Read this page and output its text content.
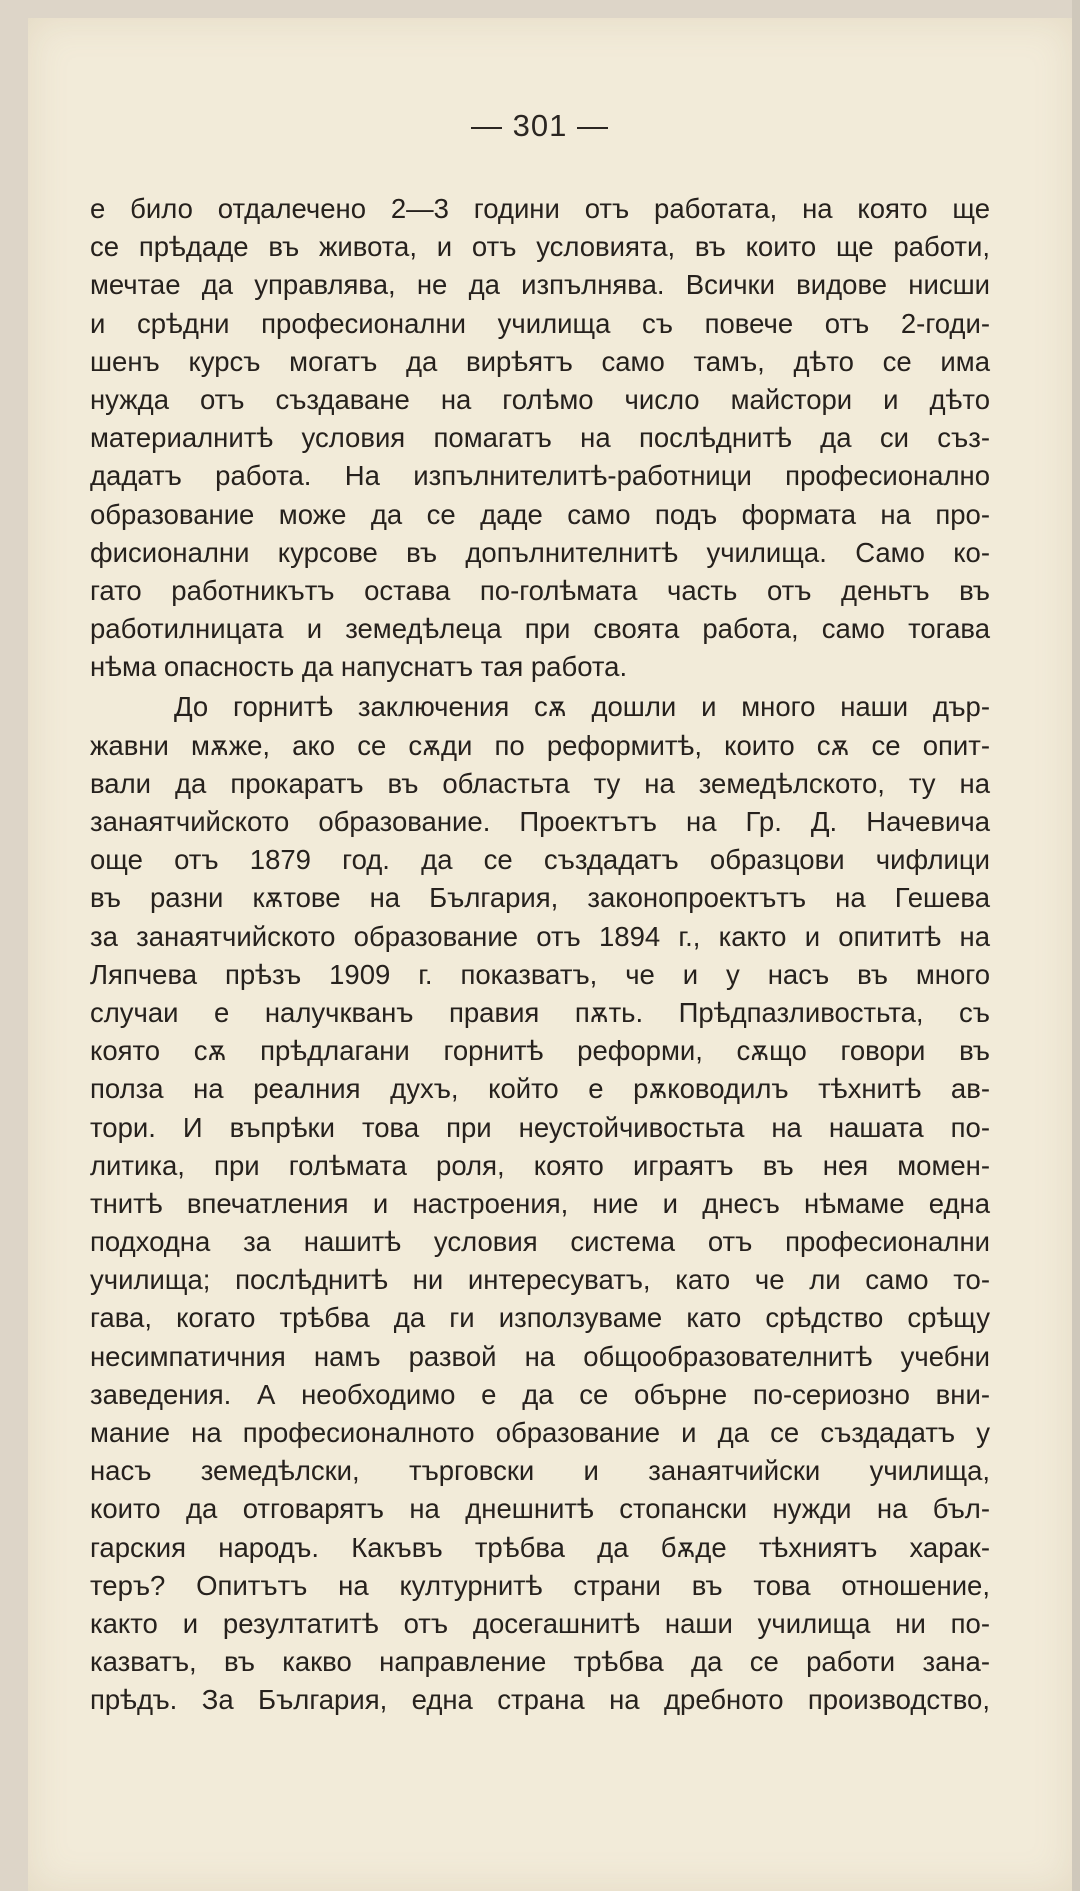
— 301 —
е било отдалечено 2—3 години отъ работата, на която ще
се прѣдаде въ живота, и отъ условията, въ които ще работи,
мечтае да управлява, не да изпълнява. Всички видове нисши
и срѣдни професионални училища съ повече отъ 2-годи-
шенъ курсъ могатъ да вирѣятъ само тамъ, дѣто се има
нужда отъ създаване на голѣмо число майстори и дѣто
материалнитѣ условия помагатъ на послѣднитѣ да си съз-
дадатъ работа. На изпълнителитѣ-работници професионално
образование може да се даде само подъ формата на про-
фисионални курсове въ допълнителнитѣ училища. Само ко-
гато работникътъ остава по-голѣмата часть отъ деньтъ въ
работилницата и земедѣлеца при своята работа, само тогава
нѣма опасность да напуснатъ тая работа.
До горнитѣ заключения сѫ дошли и много наши дър-
жавни мѫже, ако се сѫди по реформитѣ, които сѫ се опит-
вали да прокаратъ въ областьта ту на земедѣлското, ту на
занаятчийското образование. Проектътъ на Гр. Д. Начевича
още отъ 1879 год. да се създадатъ образцови чифлици
въ разни кѫтове на България, законопроектътъ на Гешева
за занаятчийското образование отъ 1894 г., както и опититѣ на
Ляпчева прѣзъ 1909 г. показватъ, че и у насъ въ много
случаи е налучкванъ правия пѫть. Прѣдпазливостьта, съ
която сѫ прѣдлагани горнитѣ реформи, сѫщо говори въ
полза на реалния духъ, който е рѫководилъ тѣхнитѣ ав-
тори. И въпрѣки това при неустойчивостьта на нашата по-
литика, при голѣмата роля, която играятъ въ нея момен-
тнитѣ впечатления и настроения, ние и днесъ нѣмаме една
подходна за нашитѣ условия система отъ професионални
училища; послѣднитѣ ни интересуватъ, като че ли само то-
гава, когато трѣбва да ги използуваме като срѣдство срѣщу
несимпатичния намъ развой на общообразователнитѣ учебни
заведения. А необходимо е да се обърне по-сериозно вни-
мание на професионалното образование и да се създадатъ у
насъ земедѣлски, търговски и занаятчийски училища,
които да отговарятъ на днешнитѣ стопански нужди на бъл-
гарския народъ. Какъвъ трѣбва да бѫде тѣхниятъ харак-
теръ? Опитътъ на културнитѣ страни въ това отношение,
както и резултатитѣ отъ досегашнитѣ наши училища ни по-
казватъ, въ какво направление трѣбва да се работи зана-
прѣдъ. За България, една страна на дребното производство,
